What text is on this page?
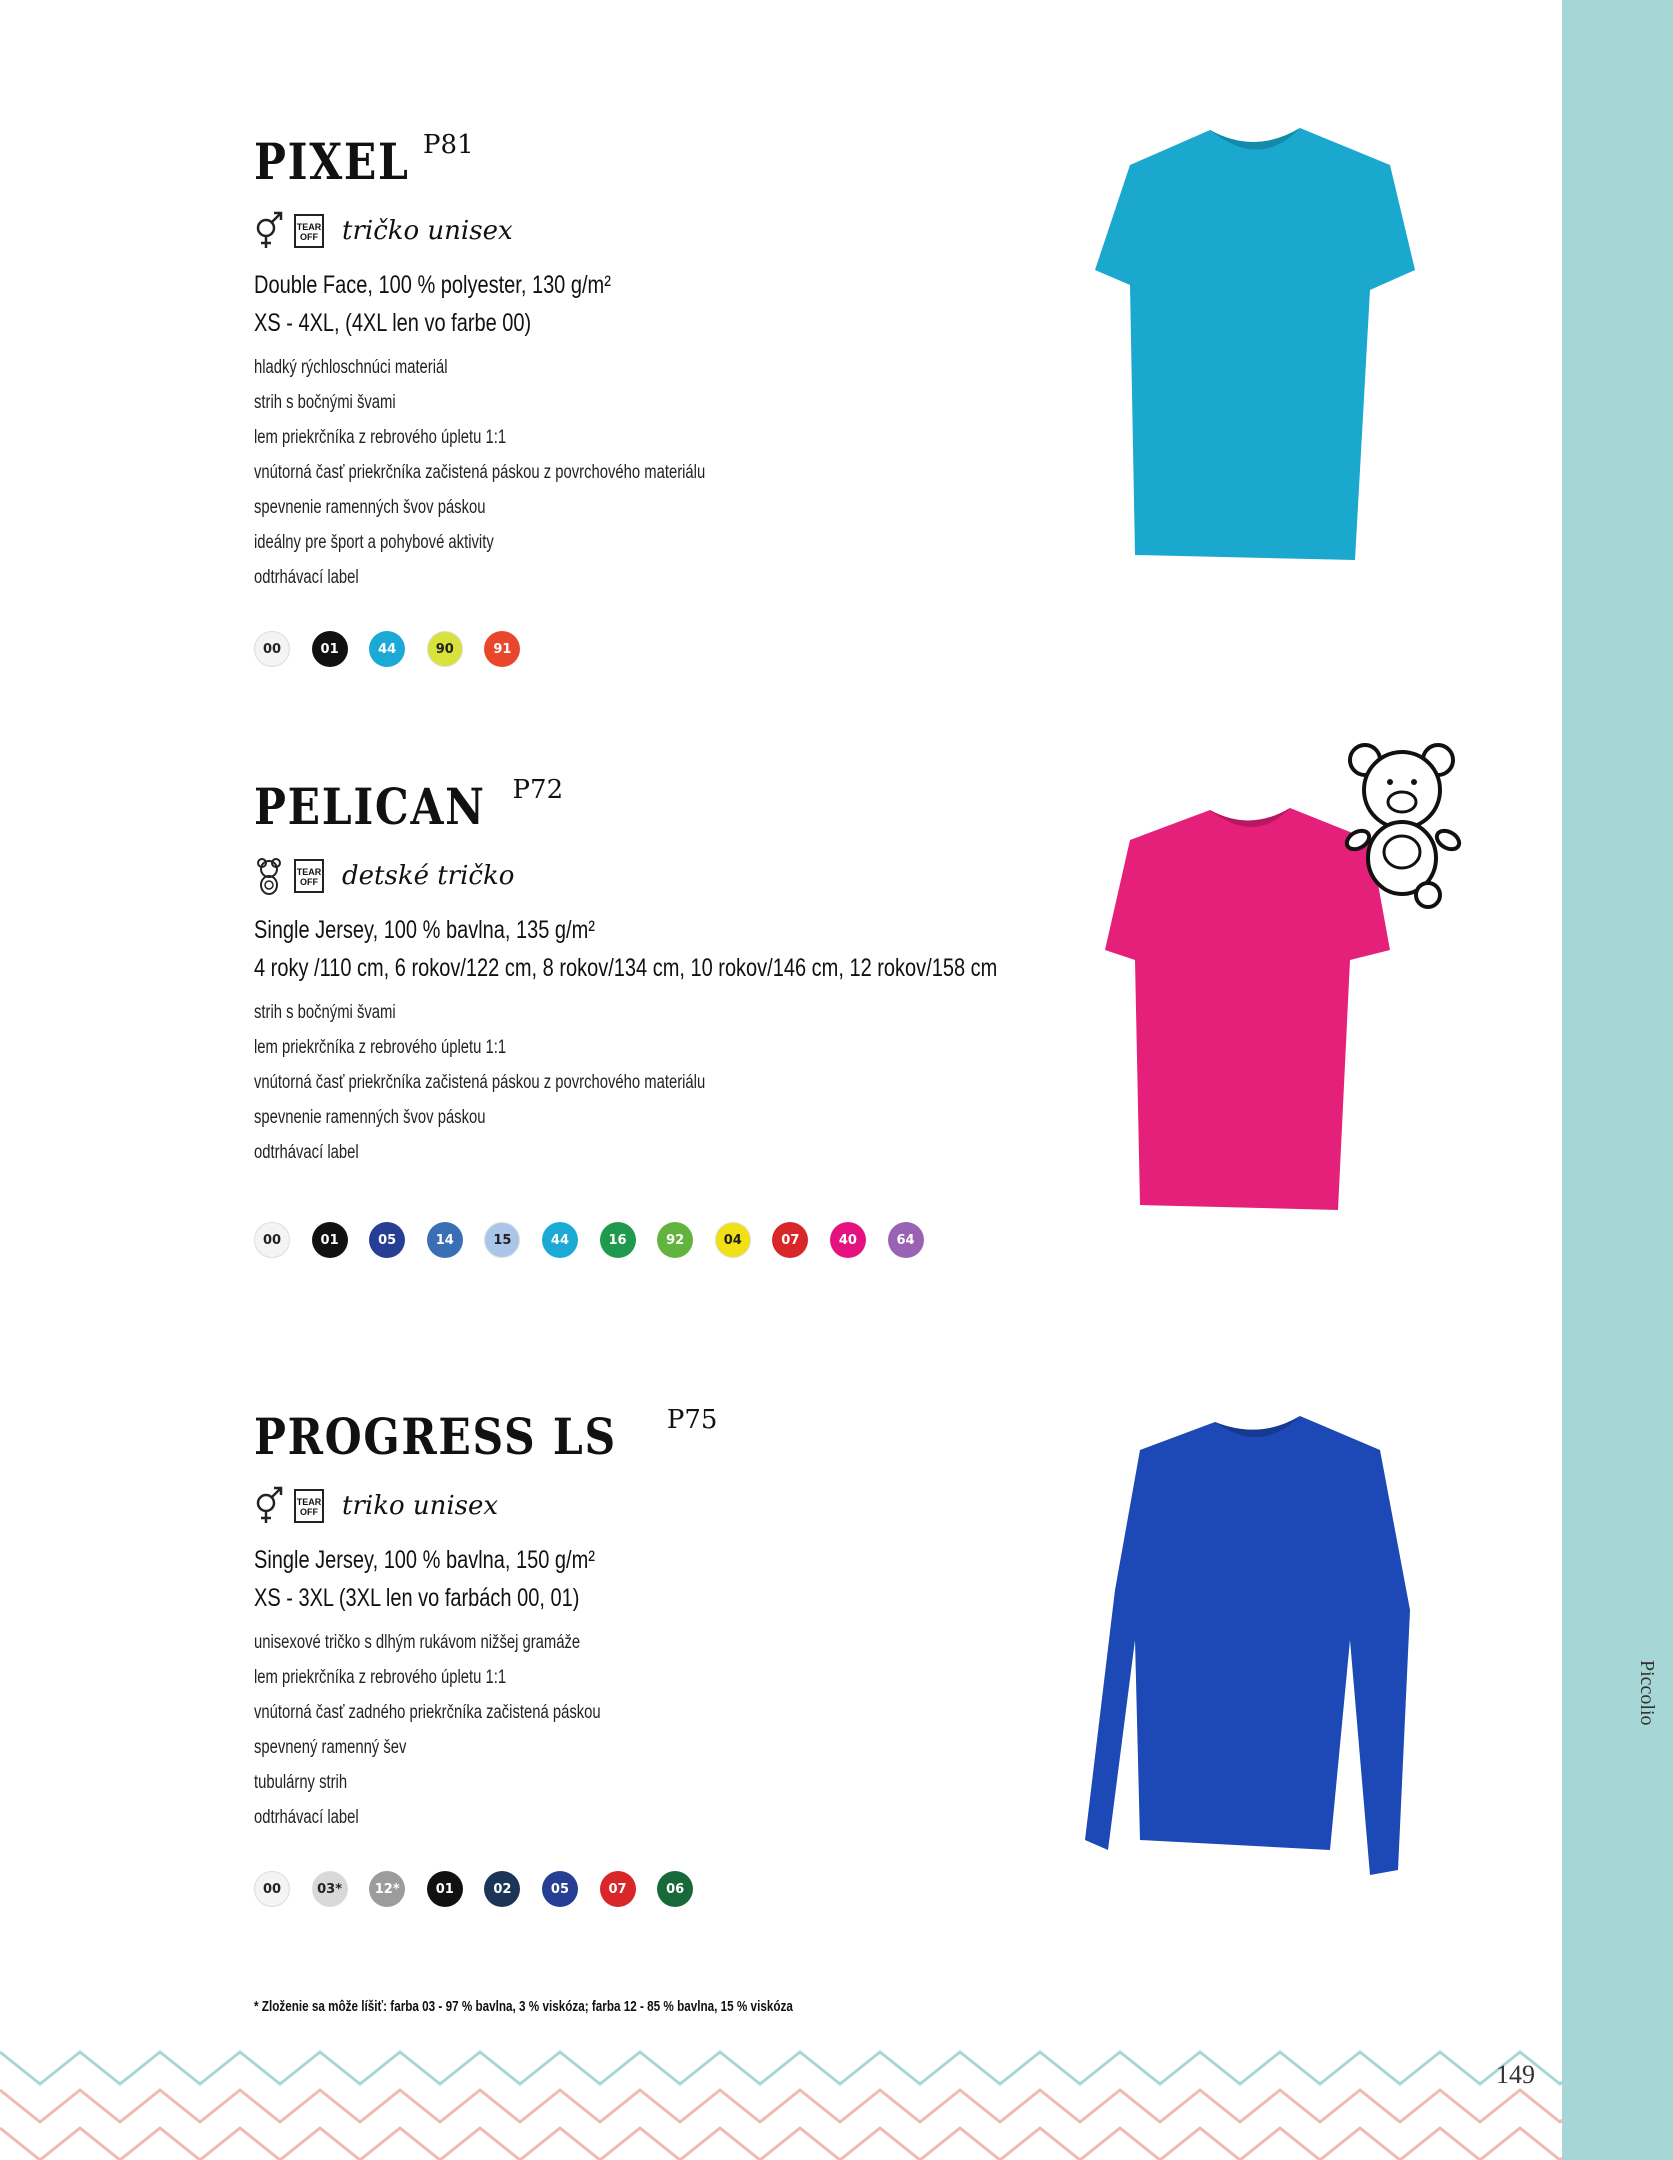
Piccolio
149
PIXEL P81
TEAR OFF tričko unisex
Double Face, 100 % polyester, 130 g/m²
XS - 4XL, (4XL len vo farbe 00)
hladký rýchloschnúci materiál
strih s bočnými švami
lem priekrčníka z rebrového úpletu 1:1
vnútorná časť priekrčníka začistená páskou z povrchového materiálu
spevnenie ramenných švov páskou
ideálny pre šport a pohybové aktivity
odtrhávací label
00	01	44	90	91
PELICAN P72
TEAR OFF detské tričko
Single Jersey, 100 % bavlna, 135 g/m²
4 roky /110 cm, 6 rokov/122 cm, 8 rokov/134 cm, 10 rokov/146 cm, 12 rokov/158 cm
strih s bočnými švami
lem priekrčníka z rebrového úpletu 1:1
vnútorná časť priekrčníka začistená páskou z povrchového materiálu
spevnenie ramenných švov páskou
odtrhávací label
00	01	05	14	15	44	16	92	04	07	40	64
PROGRESS LS P75
TEAR OFF triko unisex
Single Jersey, 100 % bavlna, 150 g/m²
XS - 3XL (3XL len vo farbách 00, 01)
unisexové tričko s dlhým rukávom nižšej gramáže
lem priekrčníka z rebrového úpletu 1:1
vnútorná časť zadného priekrčníka začistená páskou
spevnený ramenný šev
tubulárny strih
odtrhávací label
00	03*	12*	01	02	05	07	06
* Zloženie sa môže líšiť: farba 03 - 97 % bavlna, 3 % viskóza; farba 12 - 85 % bavlna, 15 % viskóza
